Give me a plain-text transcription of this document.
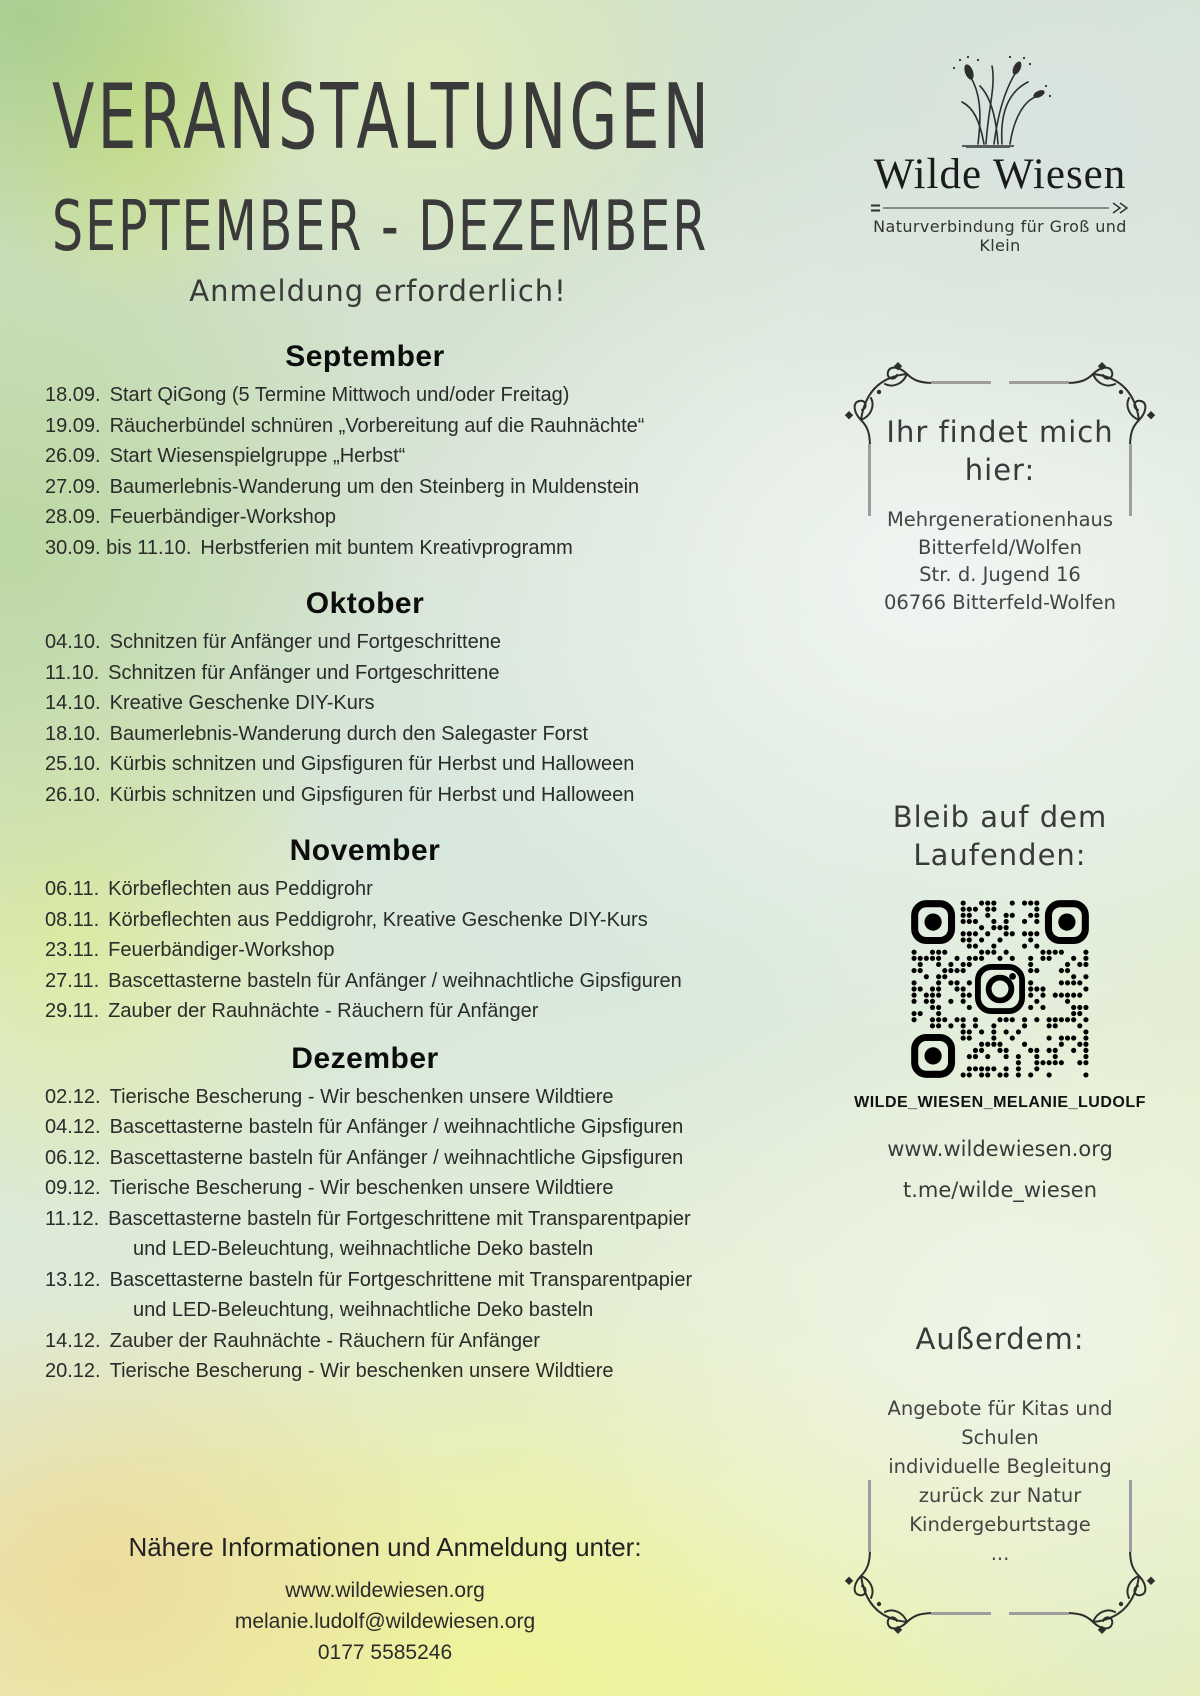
VERANSTALTUNGEN
SEPTEMBER - DEZEMBER
Anmeldung erforderlich!
Wilde Wiesen
Naturverbindung für Groß und Klein
September
18.09. Start QiGong (5 Termine Mittwoch und/oder Freitag)
19.09. Räucherbündel schnüren „Vorbereitung auf die Rauhnächte“
26.09. Start Wiesenspielgruppe „Herbst“
27.09. Baumerlebnis-Wanderung um den Steinberg in Muldenstein
28.09. Feuerbändiger-Workshop
30.09. bis 11.10. Herbstferien mit buntem Kreativprogramm
Oktober
04.10. Schnitzen für Anfänger und Fortgeschrittene
11.10. Schnitzen für Anfänger und Fortgeschrittene
14.10. Kreative Geschenke DIY-Kurs
18.10. Baumerlebnis-Wanderung durch den Salegaster Forst
25.10. Kürbis schnitzen und Gipsfiguren für Herbst und Halloween
26.10. Kürbis schnitzen und Gipsfiguren für Herbst und Halloween
November
06.11. Körbeflechten aus Peddigrohr
08.11. Körbeflechten aus Peddigrohr, Kreative Geschenke DIY-Kurs
23.11. Feuerbändiger-Workshop
27.11. Bascettasterne basteln für Anfänger / weihnachtliche Gipsfiguren
29.11. Zauber der Rauhnächte - Räuchern für Anfänger
Dezember
02.12. Tierische Bescherung - Wir beschenken unsere Wildtiere
04.12. Bascettasterne basteln für Anfänger / weihnachtliche Gipsfiguren
06.12. Bascettasterne basteln für Anfänger / weihnachtliche Gipsfiguren
09.12. Tierische Bescherung - Wir beschenken unsere Wildtiere
11.12. Bascettasterne basteln für Fortgeschrittene mit Transparentpapier
und LED-Beleuchtung, weihnachtliche Deko basteln
13.12. Bascettasterne basteln für Fortgeschrittene mit Transparentpapier
und LED-Beleuchtung, weihnachtliche Deko basteln
14.12. Zauber der Rauhnächte - Räuchern für Anfänger
20.12. Tierische Bescherung - Wir beschenken unsere Wildtiere
Nähere Informationen und Anmeldung unter:
www.wildewiesen.org
melanie.ludolf@wildewiesen.org
0177 5585246
Ihr findet mich
hier:
Mehrgenerationenhaus
Bitterfeld/Wolfen
Str. d. Jugend 16
06766 Bitterfeld-Wolfen
Bleib auf dem
Laufenden:
WILDE_WIESEN_MELANIE_LUDOLF
www.wildewiesen.org
t.me/wilde_wiesen
Außerdem:
Angebote für Kitas und Schulen
individuelle Begleitung
zurück zur Natur
Kindergeburtstage
...
